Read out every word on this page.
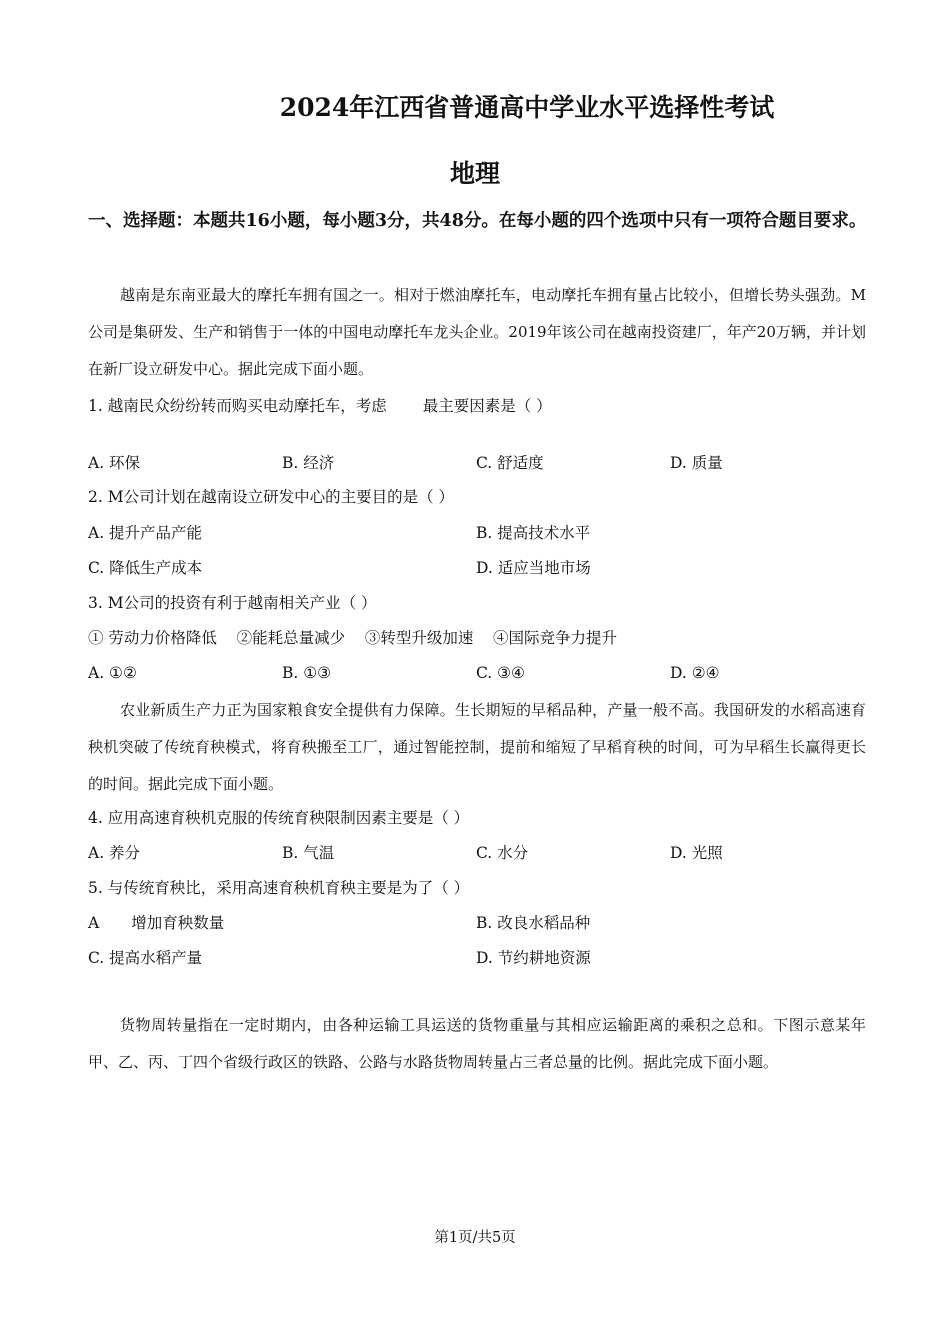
2024年江西省普通高中学业水平选择性考试
地理
一、选择题：本题共16小题，每小题3分，共48分。在每小题的四个选项中只有一项符合题目要求。
越南是东南亚最大的摩托车拥有国之一。相对于燃油摩托车，电动摩托车拥有量占比较小，但增长势头强劲。M公司是集研发、生产和销售于一体的中国电动摩托车龙头企业。2019年该公司在越南投资建厂，年产20万辆，并计划在新厂设立研发中心。据此完成下面小题。
1. 越南民众纷纷转而购买电动摩托车，考虑 最主要因素是（ ）
A. 环保	B. 经济	C. 舒适度	D. 质量
2. M公司计划在越南设立研发中心的主要目的是（ ）
A. 提升产品产能	B. 提高技术水平
C. 降低生产成本	D. 适应当地市场
3. M公司的投资有利于越南相关产业（ ）
① 劳动力价格降低    ②能耗总量减少    ③转型升级加速    ④国际竞争力提升
A. ①②	B. ①③	C. ③④	D. ②④
农业新质生产力正为国家粮食安全提供有力保障。生长期短的早稻品种，产量一般不高。我国研发的水稻高速育秧机突破了传统育秧模式，将育秧搬至工厂，通过智能控制，提前和缩短了早稻育秧的时间，可为早稻生长赢得更长的时间。据此完成下面小题。
4. 应用高速育秧机克服的传统育秧限制因素主要是（ ）
A. 养分	B. 气温	C. 水分	D. 光照
5. 与传统育秧比，采用高速育秧机育秧主要是为了（ ）
A 增加育秧数量	B. 改良水稻品种
C. 提高水稻产量	D. 节约耕地资源
货物周转量指在一定时期内，由各种运输工具运送的货物重量与其相应运输距离的乘积之总和。下图示意某年甲、乙、丙、丁四个省级行政区的铁路、公路与水路货物周转量占三者总量的比例。据此完成下面小题。
第1页/共5页
